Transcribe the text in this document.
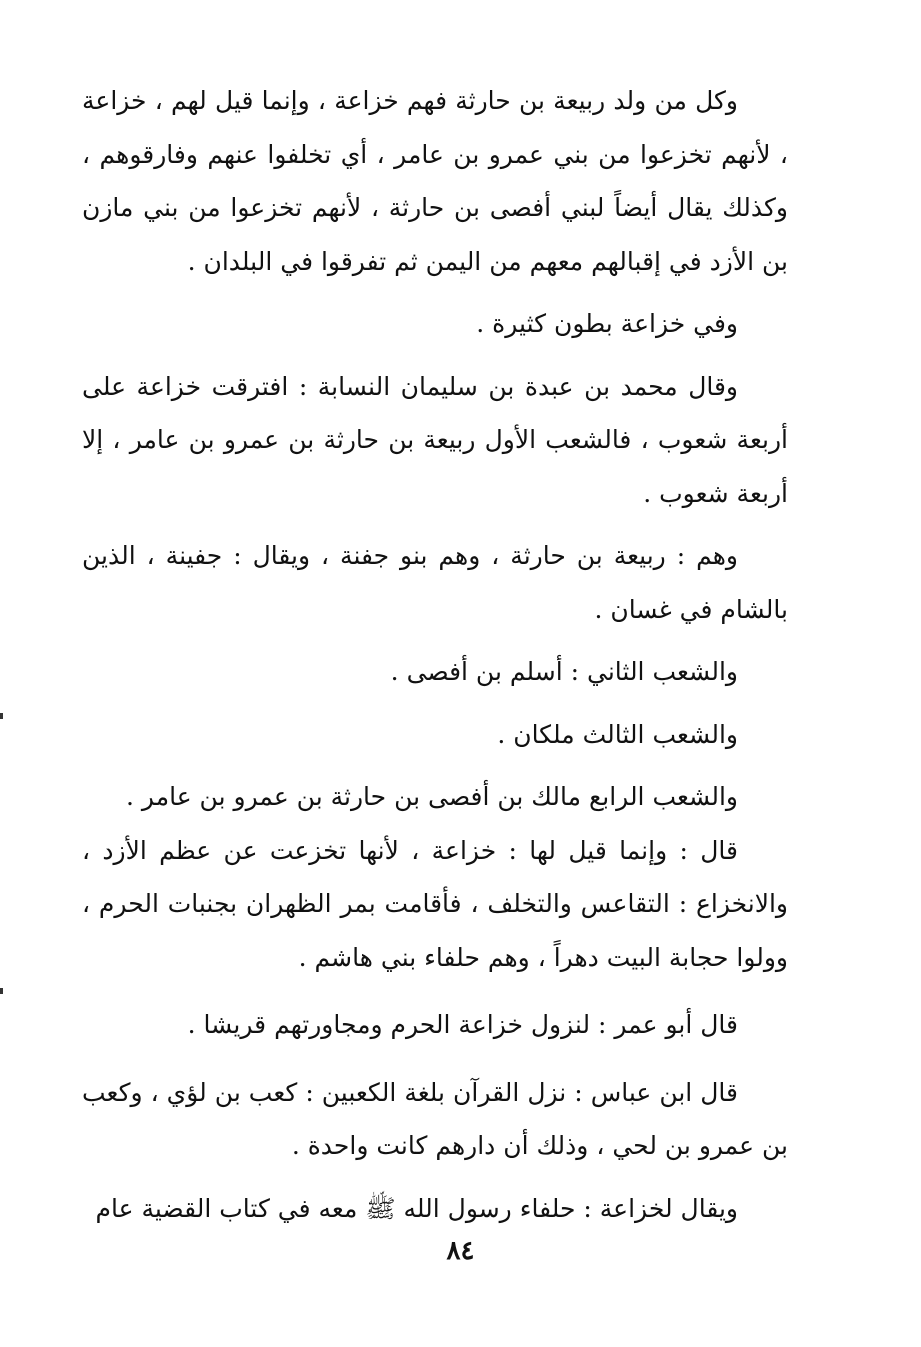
وكل من ولد ربيعة بن حارثة فهم خزاعة ، وإنما قيل لهم ، خزاعة ، لأنهم تخزعوا من بني عمرو بن عامر ، أي تخلفوا عنهم وفارقوهم ، وكذلك يقال أيضاً لبني أفصى بن حارثة ، لأنهم تخزعوا من بني مازن بن الأزد في إقبالهم معهم من اليمن ثم تفرقوا في البلدان .

وفي خزاعة بطون كثيرة .

وقال محمد بن عبدة بن سليمان النسابة : افترقت خزاعة على أربعة شعوب ، فالشعب الأول ربيعة بن حارثة بن عمرو بن عامر ، إلا أربعة شعوب .

وهم : ربيعة بن حارثة ، وهم بنو جفنة ، ويقال : جفينة ، الذين بالشام في غسان .

والشعب الثاني : أسلم بن أفصى .

والشعب الثالث ملكان .

والشعب الرابع مالك بن أفصى بن حارثة بن عمرو بن عامر .

قال : وإنما قيل لها : خزاعة ، لأنها تخزعت عن عظم الأزد ، والانخزاع : التقاعس والتخلف ، فأقامت بمر الظهران بجنبات الحرم ، وولوا حجابة البيت دهراً ، وهم حلفاء بني هاشم .

قال أبو عمر : لنزول خزاعة الحرم ومجاورتهم قريشا .

قال ابن عباس : نزل القرآن بلغة الكعبين : كعب بن لؤي ، وكعب بن عمرو بن لحي ، وذلك أن دارهم كانت واحدة .

ويقال لخزاعة : حلفاء رسول الله ﷺ معه في كتاب القضية عام

٨٤
